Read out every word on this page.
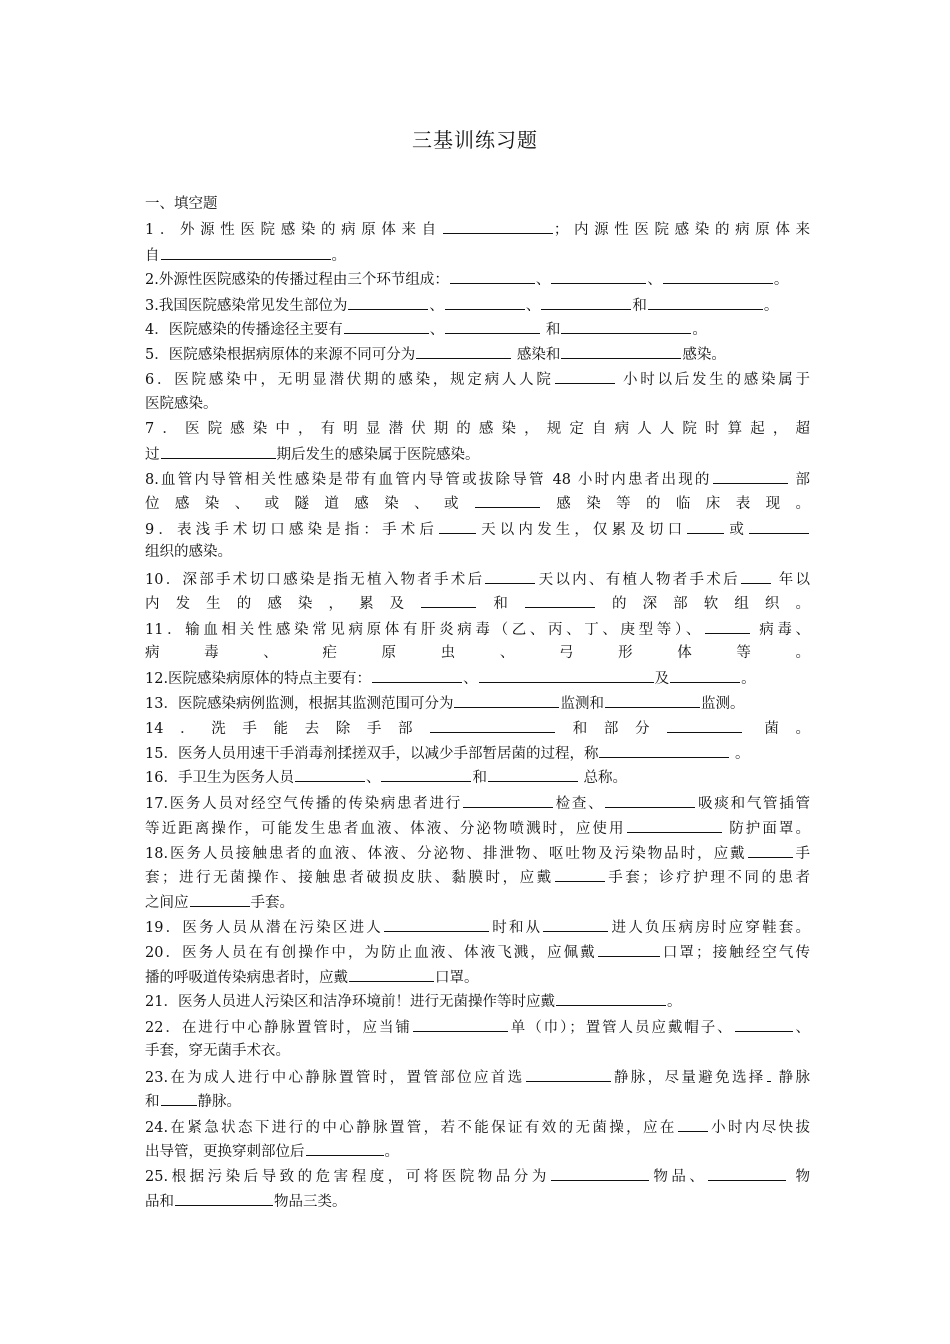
三基训练习题
一、填空题
1．外源性医院感染的病原体来自	；内源性医院感染的病原体来
自	。
2.外源性医院感染的传播过程由三个环节组成：	、	、	。
3.我国医院感染常见发生部位为	、	、	和	。
4．医院感染的传播途径主要有	、	和	。
5．医院感染根据病原体的来源不同可分为	感染和	感染。
6．医院感染中，无明显潜伏期的感染，规定病人人院	小时以后发生的感染属于
医院感染。
7．医院感染中，有明显潜伏期的感染，规定自病人人院时算起，超
过	期后发生的感染属于医院感染。
8.血管内导管相关性感染是带有血管内导管或拔除导管 48 小时内患者出现的	部
位感染、或隧道感染、或	感染等的临床表现。
9．表浅手术切口感染是指：手术后	天以内发生，仅累及切口	或
组织的感染。
10．深部手术切口感染是指无植入物者手术后	天以内、有植人物者手术后 年以
内发生的感染，累及	和	的深部软组织。
11．输血相关性感染常见病原体有肝炎病毒（乙、丙、丁、庚型等）、	病毒、
病毒、疟原虫、弓形体等。
12.医院感染病原体的特点主要有：	、	及	。
13．医院感染病例监测，根据其监测范围可分为	监测和	监测。
14．洗手能去除手部	和部分	菌。
15．医务人员用速干手消毒剂揉搓双手，以减少手部暂居菌的过程，称	。
16．手卫生为医务人员	、	和	总称。
17.医务人员对经空气传播的传染病患者进行	检查、	吸痰和气管插管
等近距离操作，可能发生患者血液、体液、分泌物喷溅时，应使用	防护面罩。
18.医务人员接触患者的血液、体液、分泌物、排泄物、呕吐物及污染物品时，应戴	手
套；进行无菌操作、接触患者破损皮肤、黏膜时，应戴	手套；诊疗护理不同的患者
之间应	手套。
19．医务人员从潜在污染区进人	时和从	进人负压病房时应穿鞋套。
20．医务人员在有创操作中，为防止血液、体液飞溅，应佩戴	口罩；接触经空气传
播的呼吸道传染病患者时，应戴	口罩。
21．医务人员进人污染区和洁净环境前！进行无菌操作等时应戴	。
22．在进行中心静脉置管时，应当铺	单（巾）；置管人员应戴帽子、	、
手套，穿无菌手术衣。
23.在为成人进行中心静脉置管时，置管部位应首选	静脉，尽量避免选择 静脉
和	静脉。
24.在紧急状态下进行的中心静脉置管，若不能保证有效的无菌操，应在 小时内尽快拔
出导管，更换穿刺部位后	。
25.根据污染后导致的危害程度，可将医院物品分为	物品、	物
品和	物品三类。
